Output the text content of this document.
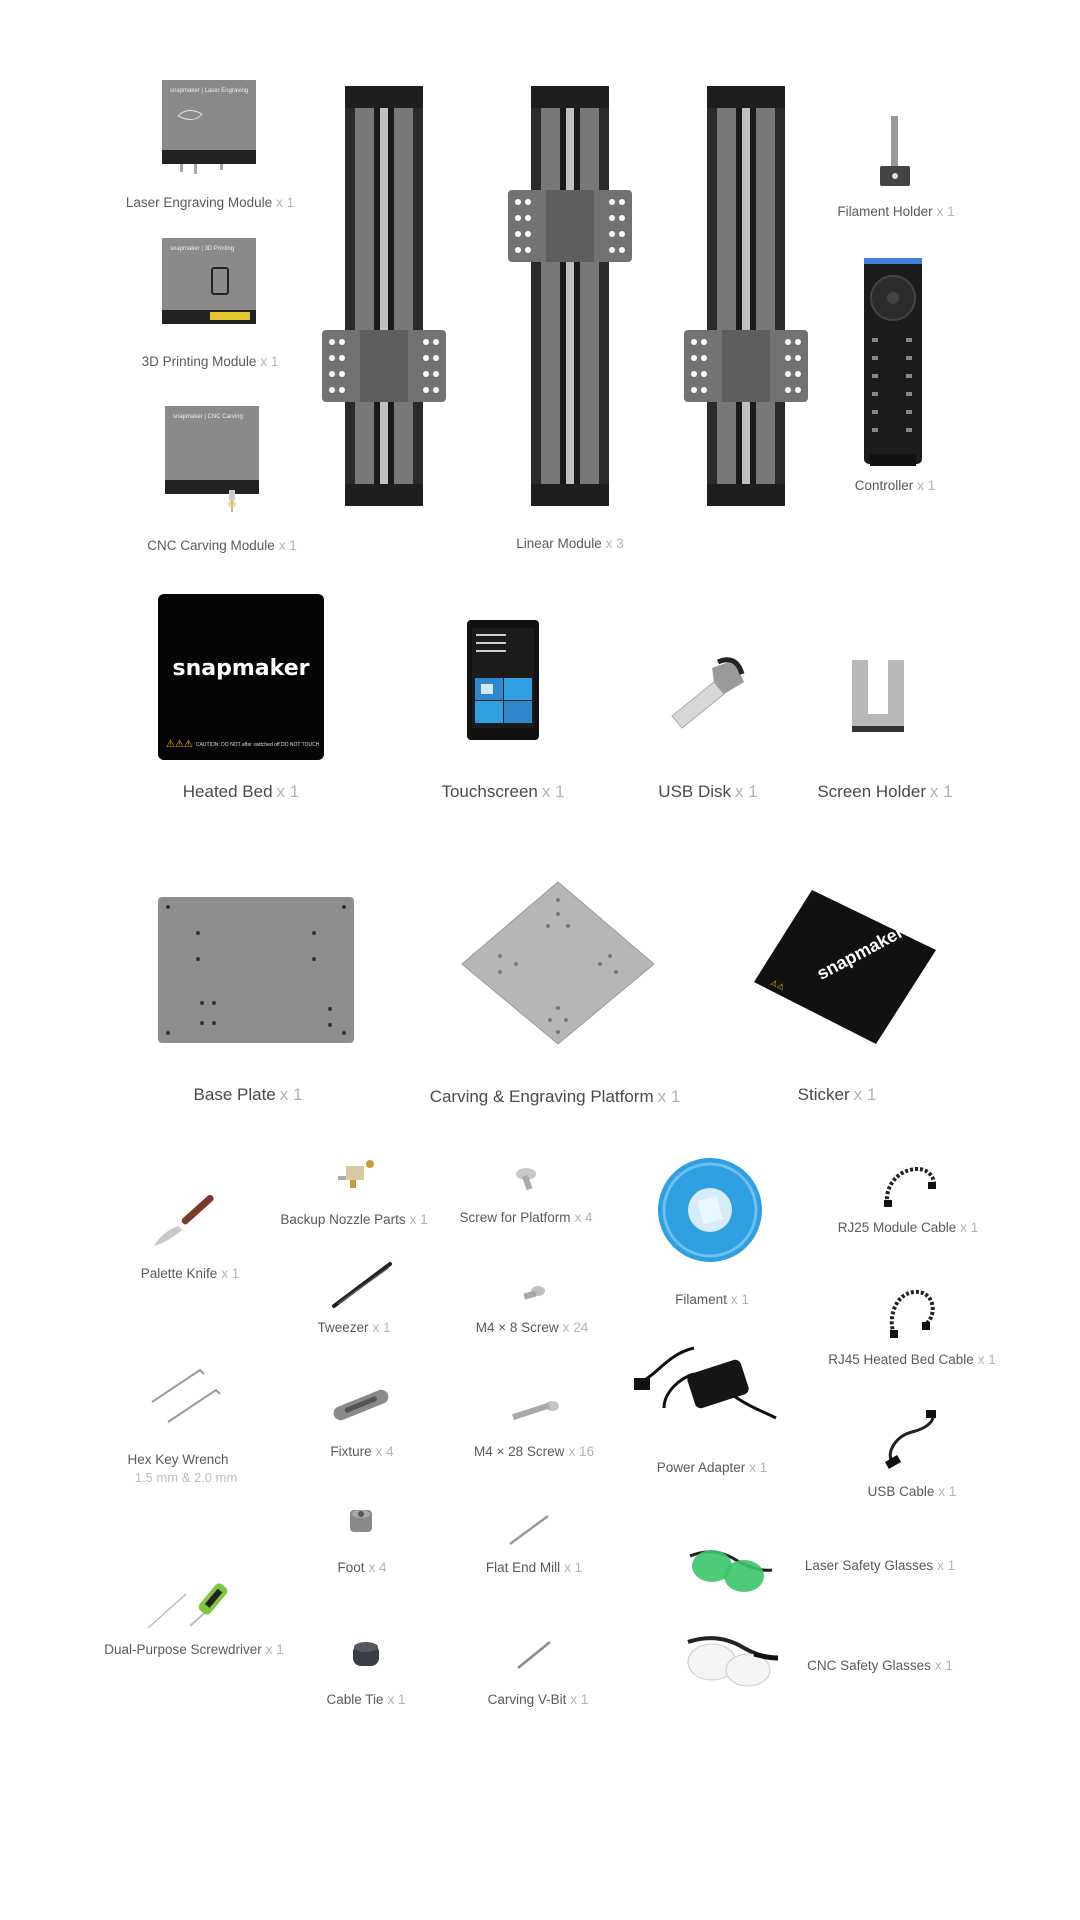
snapmaker | Laser Engraving
Laser Engraving Module x 1
snapmaker | 3D Printing
3D Printing Module x 1
snapmaker | CNC Carving
CNC Carving Module x 1	Linear Module x 3
Filament Holder x 1
Controller x 1
snapmaker
⚠⚠⚠ CAUTION: DO NOT after switched off DO NOT TOUCH
Heated Bed x 1	Touchscreen x 1	USB Disk x 1	Screen Holder x 1
Base Plate x 1	Carving & Engraving Platform x 1
snapmaker
⚠⚠
Sticker x 1
Palette Knife x 1
Backup Nozzle Parts x 1 Screw for Platform x 4
Filament x 1
RJ25 Module Cable x 1
Tweezer x 1	M4 × 8 Screw x 24
RJ45 Heated Bed Cable x 1
Hex Key Wrench
1.5 mm & 2.0 mm
Fixture x 4	M4 × 28 Screw x 16
Power Adapter x 1
USB Cable x 1
Foot x 4	Flat End Mill x 1	Laser Safety Glasses x 1
Dual-Purpose Screwdriver x 1
Cable Tie x 1	Carving V-Bit x 1
CNC Safety Glasses x 1
